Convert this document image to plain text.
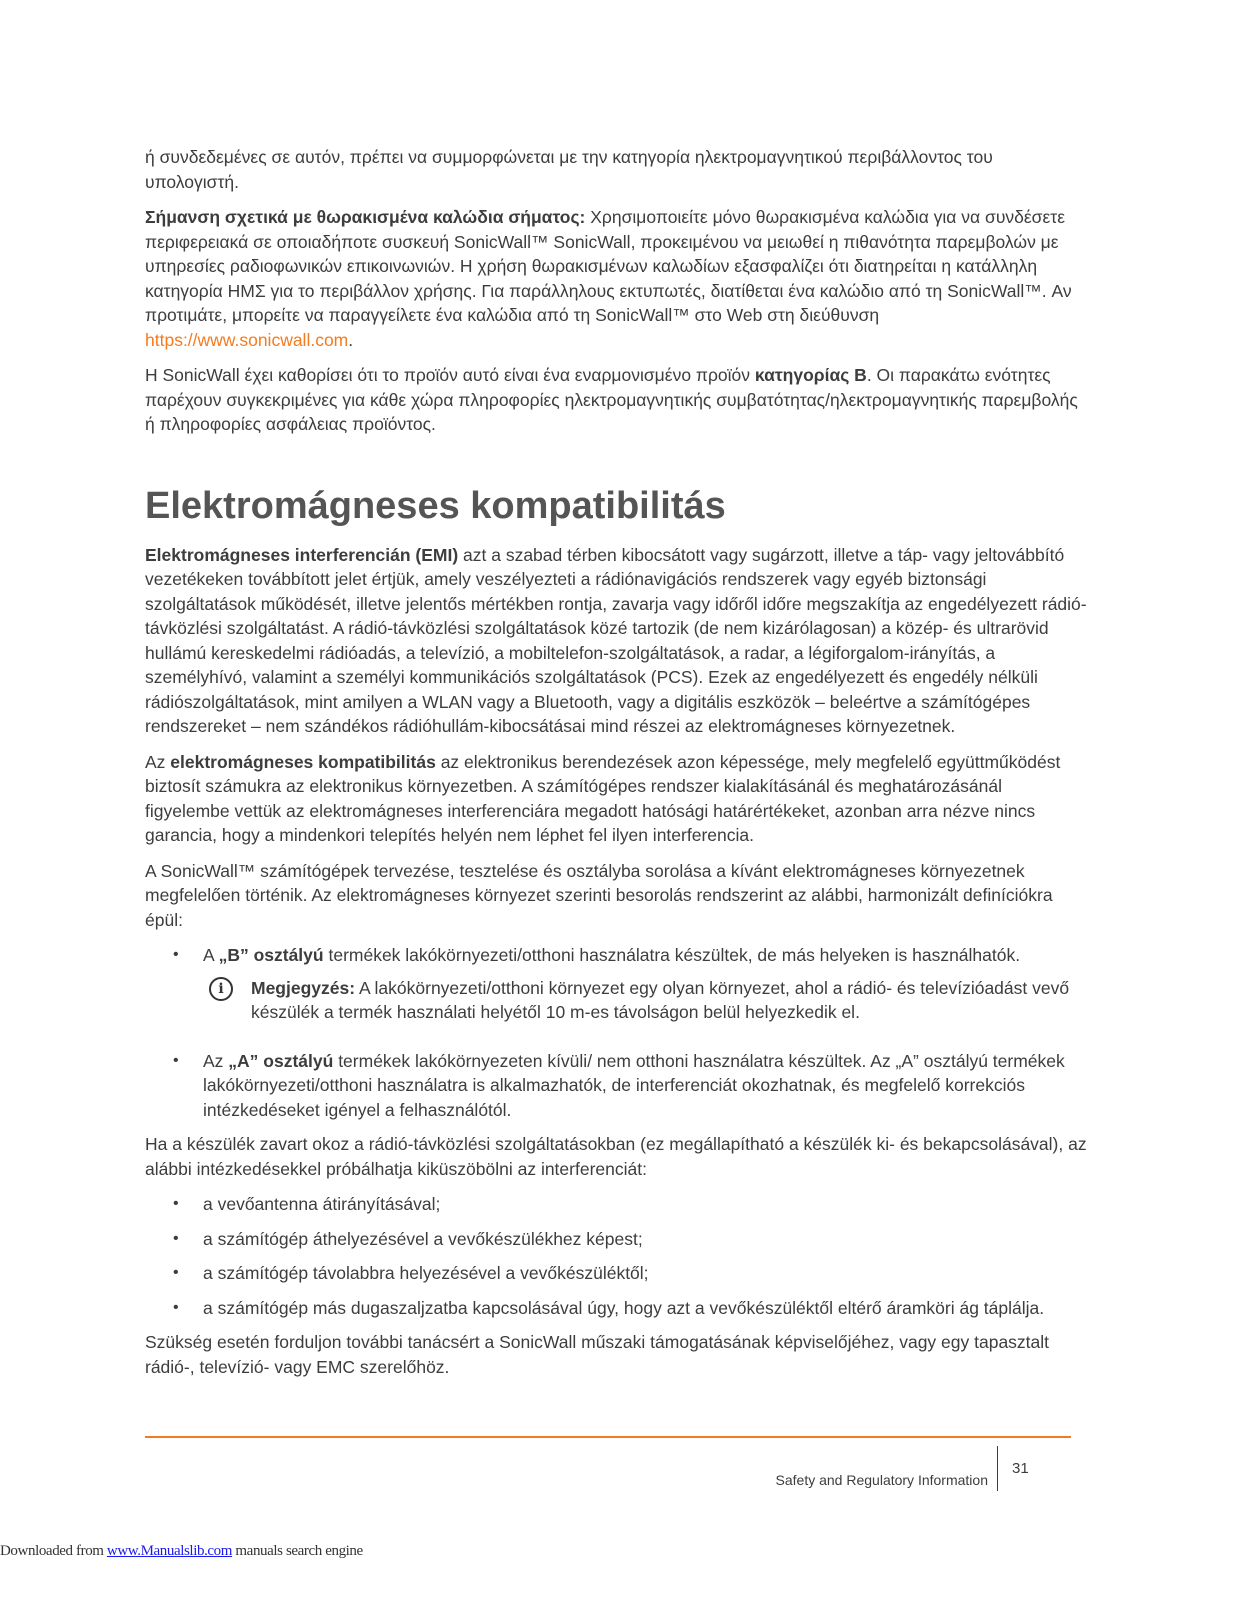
ή συνδεδεμένες σε αυτόν, πρέπει να συμμορφώνεται με την κατηγορία ηλεκτρομαγνητικού περιβάλλοντος του υπολογιστή.

Σήμανση σχετικά με θωρακισμένα καλώδια σήματος: Χρησιμοποιείτε μόνο θωρακισμένα καλώδια για να συνδέσετε περιφερειακά σε οποιαδήποτε συσκευή SonicWall™ SonicWall, προκειμένου να μειωθεί η πιθανότητα παρεμβολών με υπηρεσίες ραδιοφωνικών επικοινωνιών. Η χρήση θωρακισμένων καλωδίων εξασφαλίζει ότι διατηρείται η κατάλληλη κατηγορία ΗΜΣ για το περιβάλλον χρήσης. Για παράλληλους εκτυπωτές, διατίθεται ένα καλώδιο από τη SonicWall™. Αν προτιμάτε, μπορείτε να παραγγείλετε ένα καλώδια από τη SonicWall™ στο Web στη διεύθυνση https://www.sonicwall.com.

Η SonicWall έχει καθορίσει ότι το προϊόν αυτό είναι ένα εναρμονισμένο προϊόν κατηγορίας Β. Οι παρακάτω ενότητες παρέχουν συγκεκριμένες για κάθε χώρα πληροφορίες ηλεκτρομαγνητικής συμβατότητας/ηλεκτρομαγνητικής παρεμβολής ή πληροφορίες ασφάλειας προϊόντος.

Elektromágneses kompatibilitás

Elektromágneses interferencián (EMI) azt a szabad térben kibocsátott vagy sugárzott, illetve a táp- vagy jeltovábbító vezetékeken továbbított jelet értjük, amely veszélyezteti a rádiónavigációs rendszerek vagy egyéb biztonsági szolgáltatások működését, illetve jelentős mértékben rontja, zavarja vagy időről időre megszakítja az engedélyezett rádió-távközlési szolgáltatást. A rádió-távközlési szolgáltatások közé tartozik (de nem kizárólagosan) a közép- és ultrarövid hullámú kereskedelmi rádióadás, a televízió, a mobiltelefon-szolgáltatások, a radar, a légiforgalom-irányítás, a személyhívó, valamint a személyi kommunikációs szolgáltatások (PCS). Ezek az engedélyezett és engedély nélküli rádiószolgáltatások, mint amilyen a WLAN vagy a Bluetooth, vagy a digitális eszközök – beleértve a számítógépes rendszereket – nem szándékos rádióhullám-kibocsátásai mind részei az elektromágneses környezetnek.

Az elektromágneses kompatibilitás az elektronikus berendezések azon képessége, mely megfelelő együttműködést biztosít számukra az elektronikus környezetben. A számítógépes rendszer kialakításánál és meghatározásánál figyelembe vettük az elektromágneses interferenciára megadott hatósági határértékeket, azonban arra nézve nincs garancia, hogy a mindenkori telepítés helyén nem léphet fel ilyen interferencia.

A SonicWall™ számítógépek tervezése, tesztelése és osztályba sorolása a kívánt elektromágneses környezetnek megfelelően történik. Az elektromágneses környezet szerinti besorolás rendszerint az alábbi, harmonizált definíciókra épül:

• A „B” osztályú termékek lakókörnyezeti/otthoni használatra készültek, de más helyeken is használhatók.
i	Megjegyzés: A lakókörnyezeti/otthoni környezet egy olyan környezet, ahol a rádió- és televízióadást vevő készülék a termék használati helyétől 10 m-es távolságon belül helyezkedik el.
• Az „A” osztályú termékek lakókörnyezeten kívüli/ nem otthoni használatra készültek. Az „A” osztályú termékek lakókörnyezeti/otthoni használatra is alkalmazhatók, de interferenciát okozhatnak, és megfelelő korrekciós intézkedéseket igényel a felhasználótól.

Ha a készülék zavart okoz a rádió-távközlési szolgáltatásokban (ez megállapítható a készülék ki- és bekapcsolásával), az alábbi intézkedésekkel próbálhatja kiküszöbölni az interferenciát:

• a vevőantenna átirányításával;
• a számítógép áthelyezésével a vevőkészülékhez képest;
• a számítógép távolabbra helyezésével a vevőkészüléktől;
• a számítógép más dugaszaljzatba kapcsolásával úgy, hogy azt a vevőkészüléktől eltérő áramköri ág táplálja.

Szükség esetén forduljon további tanácsért a SonicWall műszaki támogatásának képviselőjéhez, vagy egy tapasztalt rádió-, televízió- vagy EMC szerelőhöz.

Safety and Regulatory Information
31
Downloaded from www.Manualslib.com manuals search engine
